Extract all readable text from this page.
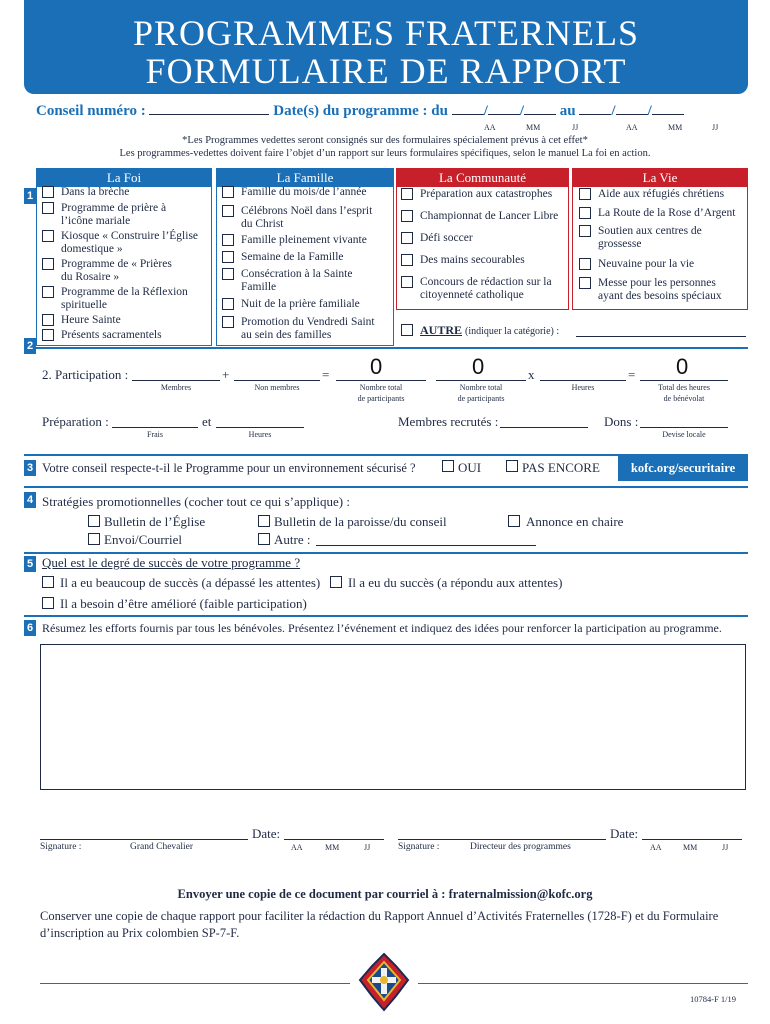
PROGRAMMES FRATERNELS
FORMULAIRE DE RAPPORT
Conseil numéro :	Date(s) du programme : du / / au / /
AA	MM	JJ	AA	MM	JJ
*Les Programmes vedettes seront consignés sur des formulaires spécialement prévus à cet effet*
Les programmes-vedettes doivent faire l’objet d’un rapport sur leurs formulaires spécifiques, selon le manuel La foi en action.
1
La Foi
Dans la brèche
Programme de prière à
l’icône mariale
Kiosque « Construire l’Église
domestique »
Programme de « Prières
du Rosaire »
Programme de la Réflexion
spirituelle
Heure Sainte
Présents sacramentels
La Famille
Famille du mois/de l’année
Célébrons Noël dans l’esprit
du Christ
Famille pleinement vivante
Semaine de la Famille
Consécration à la Sainte
Famille
Nuit de la prière familiale
Promotion du Vendredi Saint
au sein des familles
La Communauté
Préparation aux catastrophes
Championnat de Lancer Libre
Défi soccer
Des mains secourables
Concours de rédaction sur la
citoyenneté catholique
La Vie
Aide aux réfugiés chrétiens
La Route de la Rose d’Argent
Soutien aux centres de
grossesse
Neuvaine pour la vie
Messe pour les personnes
ayant des besoins spéciaux
AUTRE (indiquer la catégorie) :
2
2. Participation :	+	=
Membres	Non membres
0
Nombre total
de participants
0
Nombre total
de participants
x
Heures
= 0
Total des heures
de bénévolat
Préparation :	et
Frais	Heures
Membres recrutés :	Dons :
Devise locale
3 Votre conseil respecte-t-il le Programme pour un environnement sécurisé ?	OUI	PAS ENCORE	kofc.org/securitaire
4 Stratégies promotionnelles (cocher tout ce qui s’applique) :
Bulletin de l’Église	Bulletin de la paroisse/du conseil	Annonce en chaire
Envoi/Courriel	Autre :
5 Quel est le degré de succès de votre programme ?
Il a eu beaucoup de succès (a dépassé les attentes) Il a eu du succès (a répondu aux attentes)
Il a besoin d’être amélioré (faible participation)
6 Résumez les efforts fournis par tous les bénévoles. Présentez l’événement et indiquez des idées pour renforcer la participation au programme.
Date:
Signature :	Grand Chevalier	AA	MM	JJ
Date:
Signature :	Directeur des programmes	AA	MM	JJ
Envoyer une copie de ce document par courriel à : fraternalmission@kofc.org
Conserver une copie de chaque rapport pour faciliter la rédaction du Rapport Annuel d’Activités Fraternelles (1728-F) et du Formulaire d’inscription au Prix colombien SP-7-F.
10784-F 1/19
